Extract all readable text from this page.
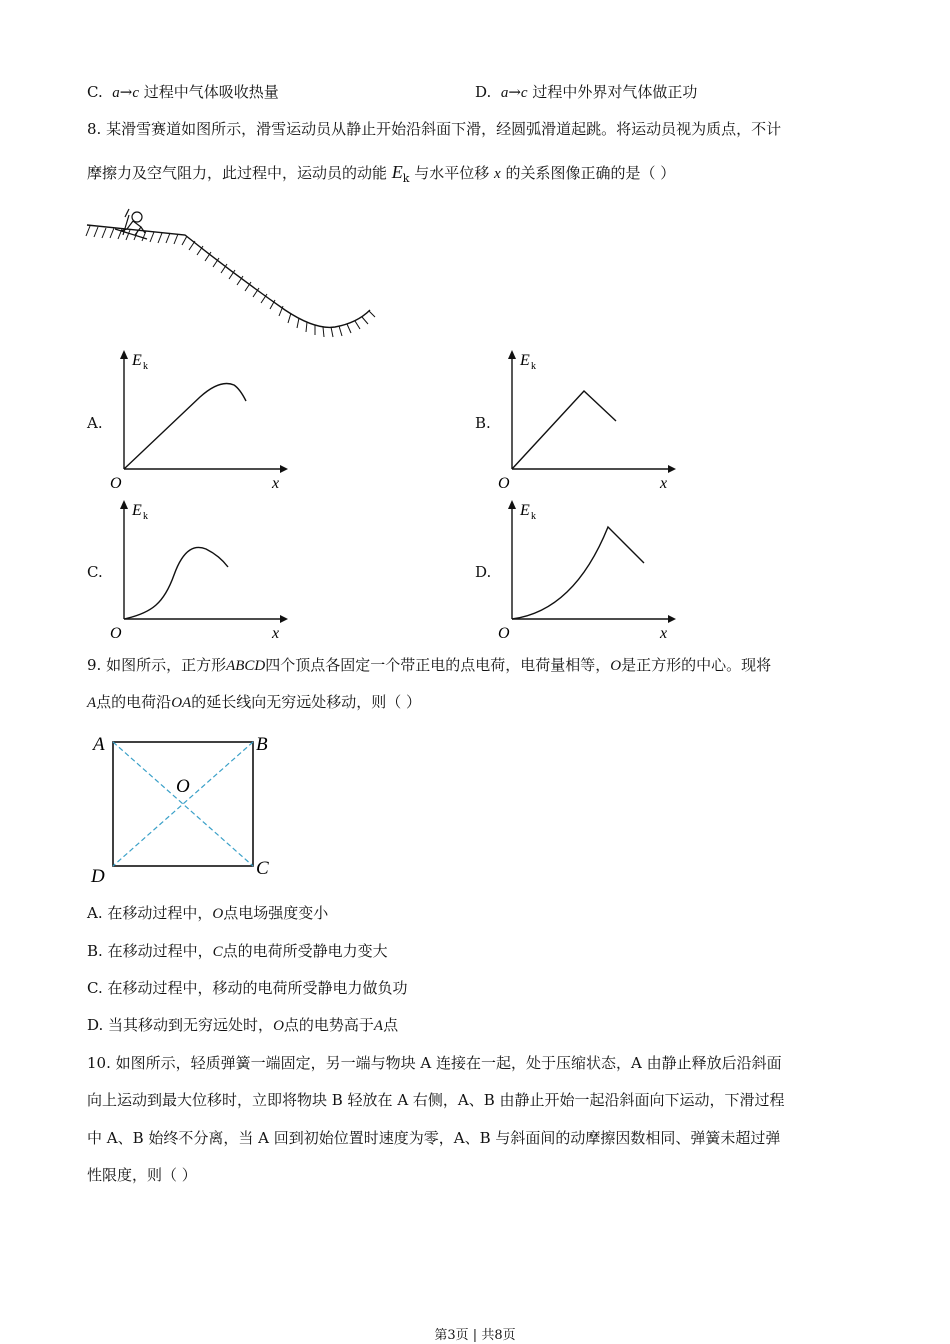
C. a→c 过程中气体吸收热量	D. a→c 过程中外界对气体做正功
8. 某滑雪赛道如图所示，滑雪运动员从静止开始沿斜面下滑，经圆弧滑道起跳。将运动员视为质点，不计
摩擦力及空气阻力，此过程中，运动员的动能 $E_k$ 与水平位移 x 的关系图像正确的是（ ）
A.
E k
O	x
B.
E k
O	x
C.
E k
O	x
D.
E k
O	x
9. 如图所示，正方形ABCD四个顶点各固定一个带正电的点电荷，电荷量相等，O是正方形的中心。现将
A点的电荷沿OA的延长线向无穷远处移动，则（ ）
A	B
C
D
O
A. 在移动过程中，O点电场强度变小
B. 在移动过程中，C点的电荷所受静电力变大
C. 在移动过程中，移动的电荷所受静电力做负功
D. 当其移动到无穷远处时，O点的电势高于A点
10. 如图所示，轻质弹簧一端固定，另一端与物块 A 连接在一起，处于压缩状态，A 由静止释放后沿斜面
向上运动到最大位移时，立即将物块 B 轻放在 A 右侧，A、B 由静止开始一起沿斜面向下运动，下滑过程
中 A、B 始终不分离，当 A 回到初始位置时速度为零，A、B 与斜面间的动摩擦因数相同、弹簧未超过弹
性限度，则（ ）
第3页 | 共8页
